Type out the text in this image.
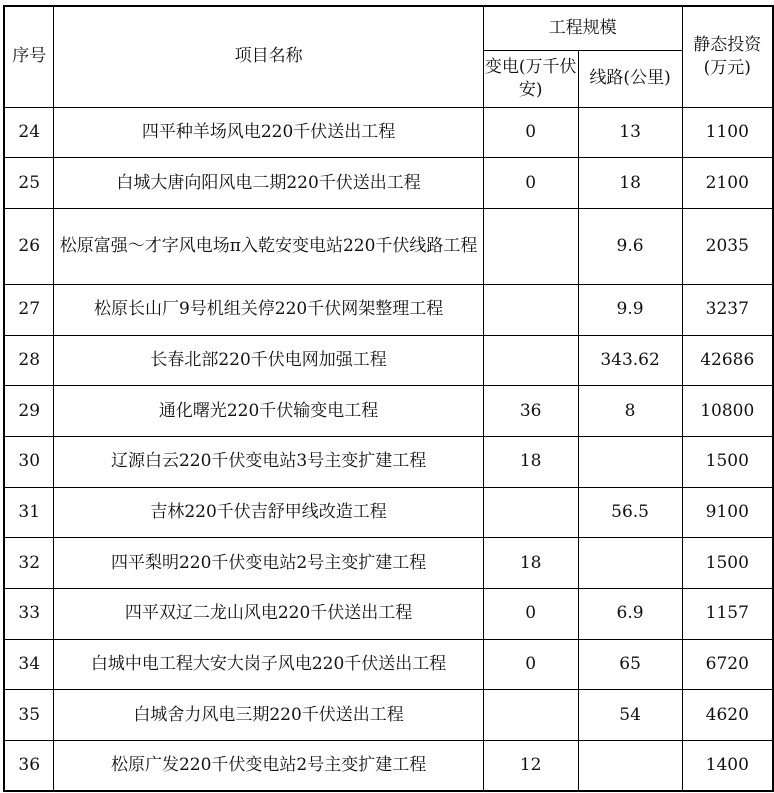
序号	项目名称	工程规模		静态投资(万元)
		变电(万千伏安)	线路(公里)	
24	四平种羊场风电220千伏送出工程	0	13	1100
25	白城大唐向阳风电二期220千伏送出工程	0	18	2100
26	松原富强～才字风电场π入乾安变电站220千伏线路工程		9.6	2035
27	松原长山厂9号机组关停220千伏网架整理工程		9.9	3237
28	长春北部220千伏电网加强工程		343.62	42686
29	通化曙光220千伏输变电工程	36	8	10800
30	辽源白云220千伏变电站3号主变扩建工程	18		1500
31	吉林220千伏吉舒甲线改造工程		56.5	9100
32	四平梨明220千伏变电站2号主变扩建工程	18		1500
33	四平双辽二龙山风电220千伏送出工程	0	6.9	1157
34	白城中电工程大安大岗子风电220千伏送出工程	0	65	6720
35	白城舍力风电三期220千伏送出工程		54	4620
36	松原广发220千伏变电站2号主变扩建工程	12		1400
